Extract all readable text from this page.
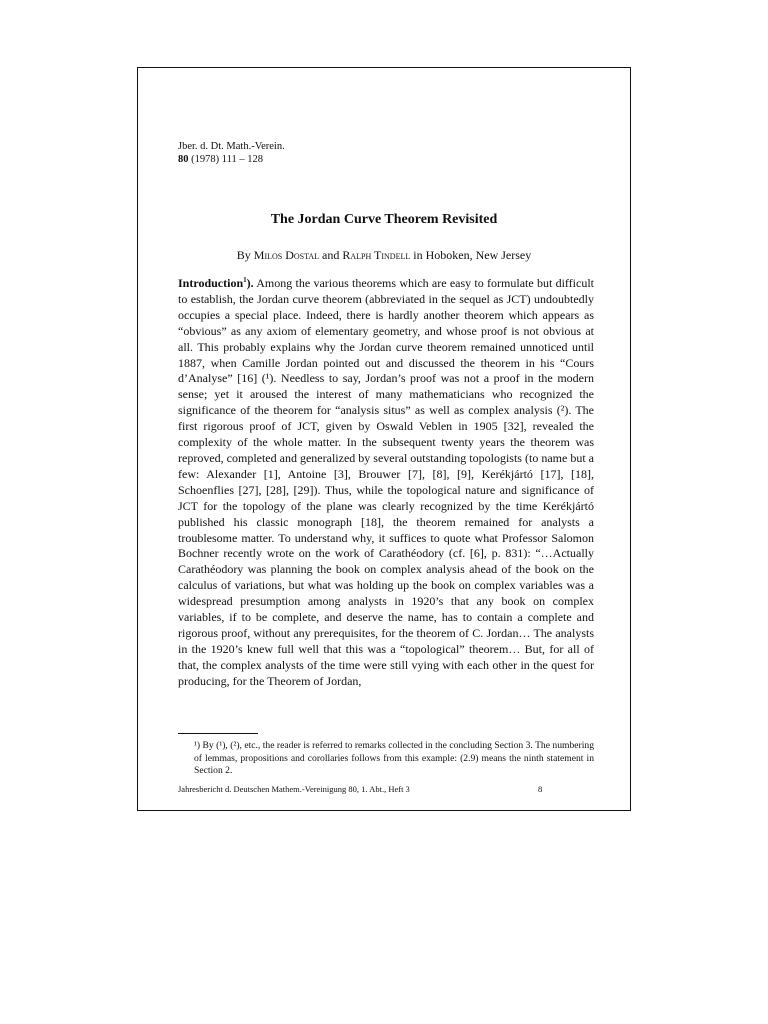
Jber. d. Dt. Math.-Verein.
80 (1978) 111 – 128
The Jordan Curve Theorem Revisited
By Milos Dostal and Ralph Tindell in Hoboken, New Jersey
Introduction$^1$). Among the various theorems which are easy to formulate but difficult to establish, the Jordan curve theorem (abbreviated in the sequel as JCT) undoubtedly occupies a special place. Indeed, there is hardly another theorem which appears as “obvious” as any axiom of elementary geometry, and whose proof is not obvious at all. This probably explains why the Jordan curve theorem remained unnoticed until 1887, when Camille Jordan pointed out and discussed the theorem in his “Cours d’Analyse” [16] (¹). Needless to say, Jordan’s proof was not a proof in the modern sense; yet it aroused the interest of many mathematicians who recognized the significance of the theorem for “analysis situs” as well as complex analysis (²). The first rigorous proof of JCT, given by Oswald Veblen in 1905 [32], revealed the complexity of the whole matter. In the subsequent twenty years the theorem was reproved, completed and generalized by several outstanding topologists (to name but a few: Alexander [1], Antoine [3], Brouwer [7], [8], [9], Kerékjártó [17], [18], Schoenflies [27], [28], [29]). Thus, while the topological nature and significance of JCT for the topology of the plane was clearly recognized by the time Kerékjártó published his classic monograph [18], the theorem remained for analysts a troublesome matter. To understand why, it suffices to quote what Professor Salomon Bochner recently wrote on the work of Carathéodory (cf. [6], p. 831): “…Actually Carathéodory was planning the book on complex analysis ahead of the book on the calculus of variations, but what was holding up the book on complex variables was a widespread presumption among analysts in 1920’s that any book on complex variables, if to be complete, and deserve the name, has to contain a complete and rigorous proof, without any prerequisites, for the theorem of C. Jordan… The analysts in the 1920’s knew full well that this was a “topological” theorem… But, for all of that, the complex analysts of the time were still vying with each other in the quest for producing, for the Theorem of Jordan,
¹) By (¹), (²), etc., the reader is referred to remarks collected in the concluding Section 3. The numbering of lemmas, propositions and corollaries follows from this example: (2.9) means the ninth statement in Section 2.
Jahresbericht d. Deutschen Mathem.-Vereinigung 80, 1. Abt., Heft 3	8
